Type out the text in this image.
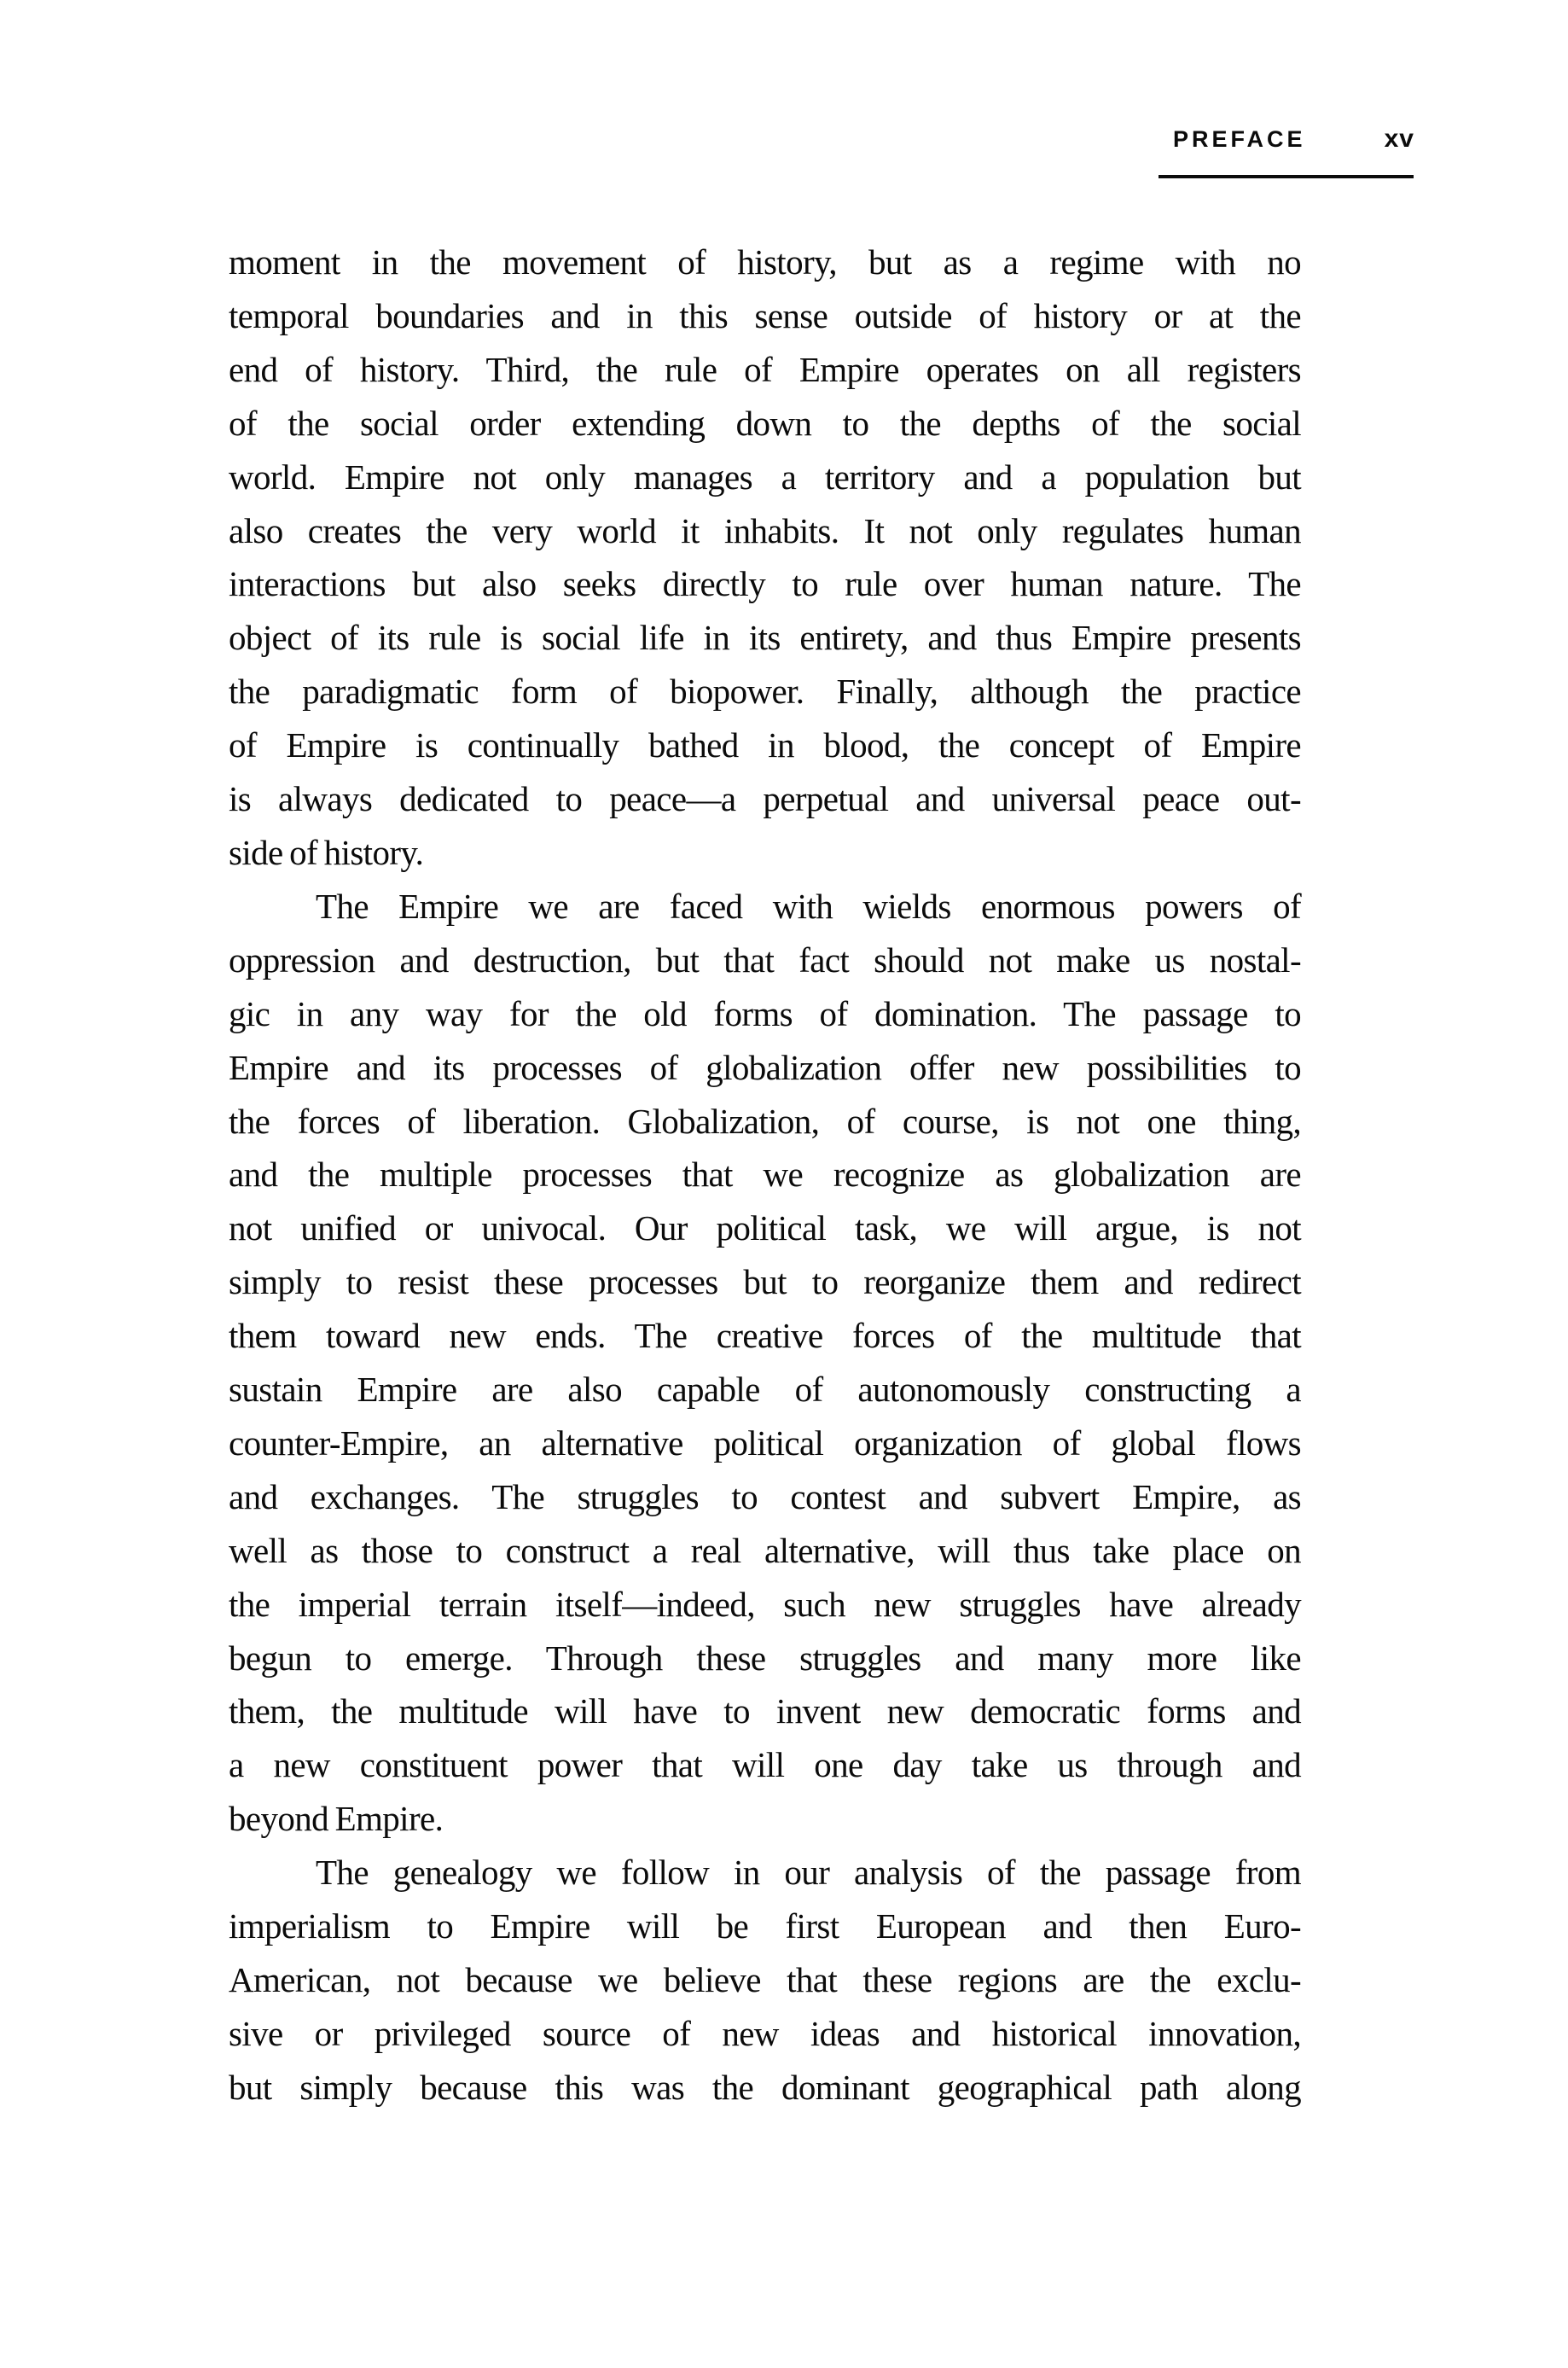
PREFACE	xv
moment in the movement of history, but as a regime with no
temporal boundaries and in this sense outside of history or at the
end of history. Third, the rule of Empire operates on all registers
of the social order extending down to the depths of the social
world. Empire not only manages a territory and a population but
also creates the very world it inhabits. It not only regulates human
interactions but also seeks directly to rule over human nature. The
object of its rule is social life in its entirety, and thus Empire presents
the paradigmatic form of biopower. Finally, although the practice
of Empire is continually bathed in blood, the concept of Empire
is always dedicated to peace—a perpetual and universal peace out-
side of history.
The Empire we are faced with wields enormous powers of
oppression and destruction, but that fact should not make us nostal-
gic in any way for the old forms of domination. The passage to
Empire and its processes of globalization offer new possibilities to
the forces of liberation. Globalization, of course, is not one thing,
and the multiple processes that we recognize as globalization are
not unified or univocal. Our political task, we will argue, is not
simply to resist these processes but to reorganize them and redirect
them toward new ends. The creative forces of the multitude that
sustain Empire are also capable of autonomously constructing a
counter-Empire, an alternative political organization of global flows
and exchanges. The struggles to contest and subvert Empire, as
well as those to construct a real alternative, will thus take place on
the imperial terrain itself—indeed, such new struggles have already
begun to emerge. Through these struggles and many more like
them, the multitude will have to invent new democratic forms and
a new constituent power that will one day take us through and
beyond Empire.
The genealogy we follow in our analysis of the passage from
imperialism to Empire will be first European and then Euro-
American, not because we believe that these regions are the exclu-
sive or privileged source of new ideas and historical innovation,
but simply because this was the dominant geographical path along
